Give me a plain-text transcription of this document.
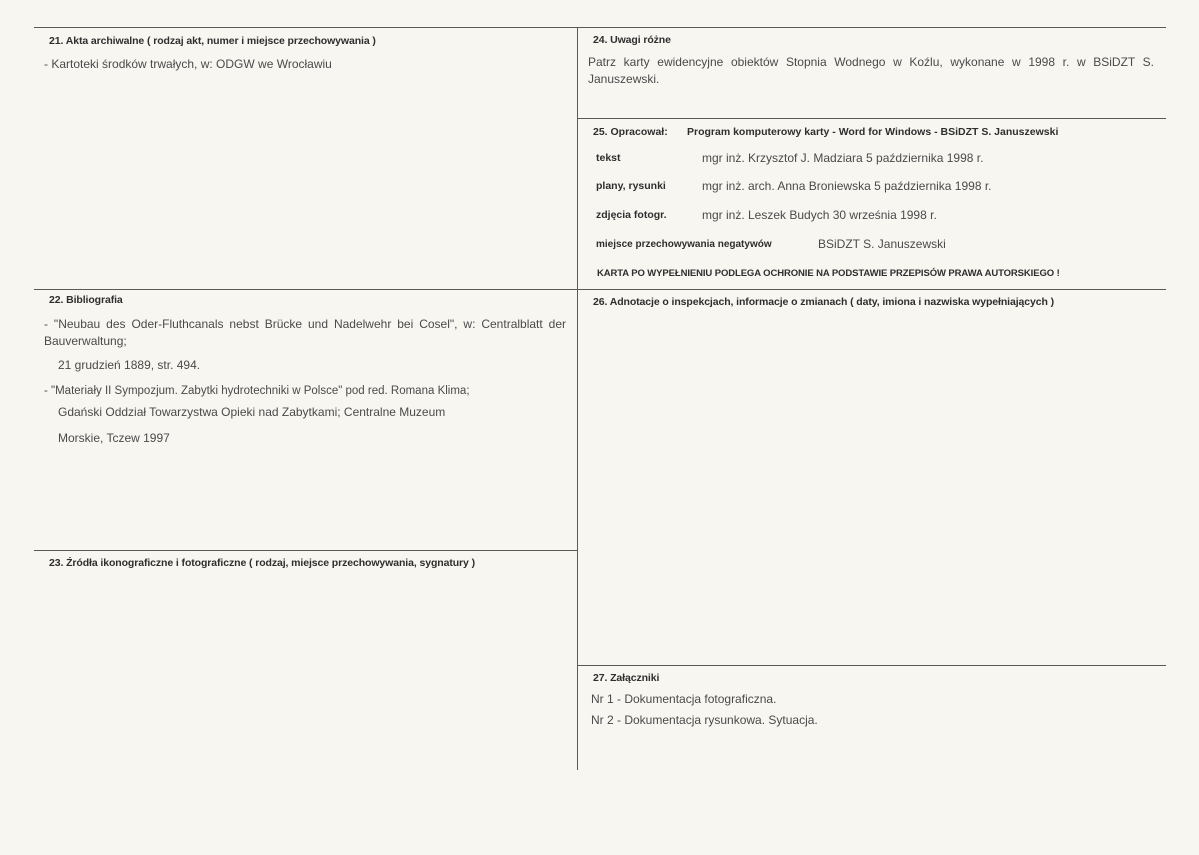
21. Akta archiwalne ( rodzaj akt, numer i miejsce przechowywania )
- Kartoteki środków trwałych, w: ODGW we Wrocławiu
22. Bibliografia
- "Neubau des Oder-Fluthcanals nebst Brücke und Nadelwehr bei Cosel", w: Centralblatt der Bauverwaltung;
21 grudzień 1889, str. 494.
- "Materiały II Sympozjum. Zabytki hydrotechniki w Polsce" pod red. Romana Klima;
Gdański Oddział Towarzystwa Opieki nad Zabytkami; Centralne Muzeum
Morskie, Tczew 1997
23. Źródła ikonograficzne i fotograficzne ( rodzaj, miejsce przechowywania, sygnatury )
24. Uwagi różne
Patrz karty ewidencyjne obiektów Stopnia Wodnego w Koźlu, wykonane w 1998 r. w BSiDZT S. Januszewski.
25. Opracował: Program komputerowy karty - Word for Windows - BSiDZT S. Januszewski
tekst	mgr inż. Krzysztof J. Madziara 5 października 1998 r.
plany, rysunki	mgr inż. arch. Anna Broniewska 5 października 1998 r.
zdjęcia fotogr.	mgr inż. Leszek Budych 30 września 1998 r.
miejsce przechowywania negatywów	BSiDZT S. Januszewski
KARTA PO WYPEŁNIENIU PODLEGA OCHRONIE NA PODSTAWIE PRZEPISÓW PRAWA AUTORSKIEGO !
26. Adnotacje o inspekcjach, informacje o zmianach ( daty, imiona i nazwiska wypełniających )
27. Załączniki
Nr 1 - Dokumentacja fotograficzna.
Nr 2 - Dokumentacja rysunkowa. Sytuacja.
